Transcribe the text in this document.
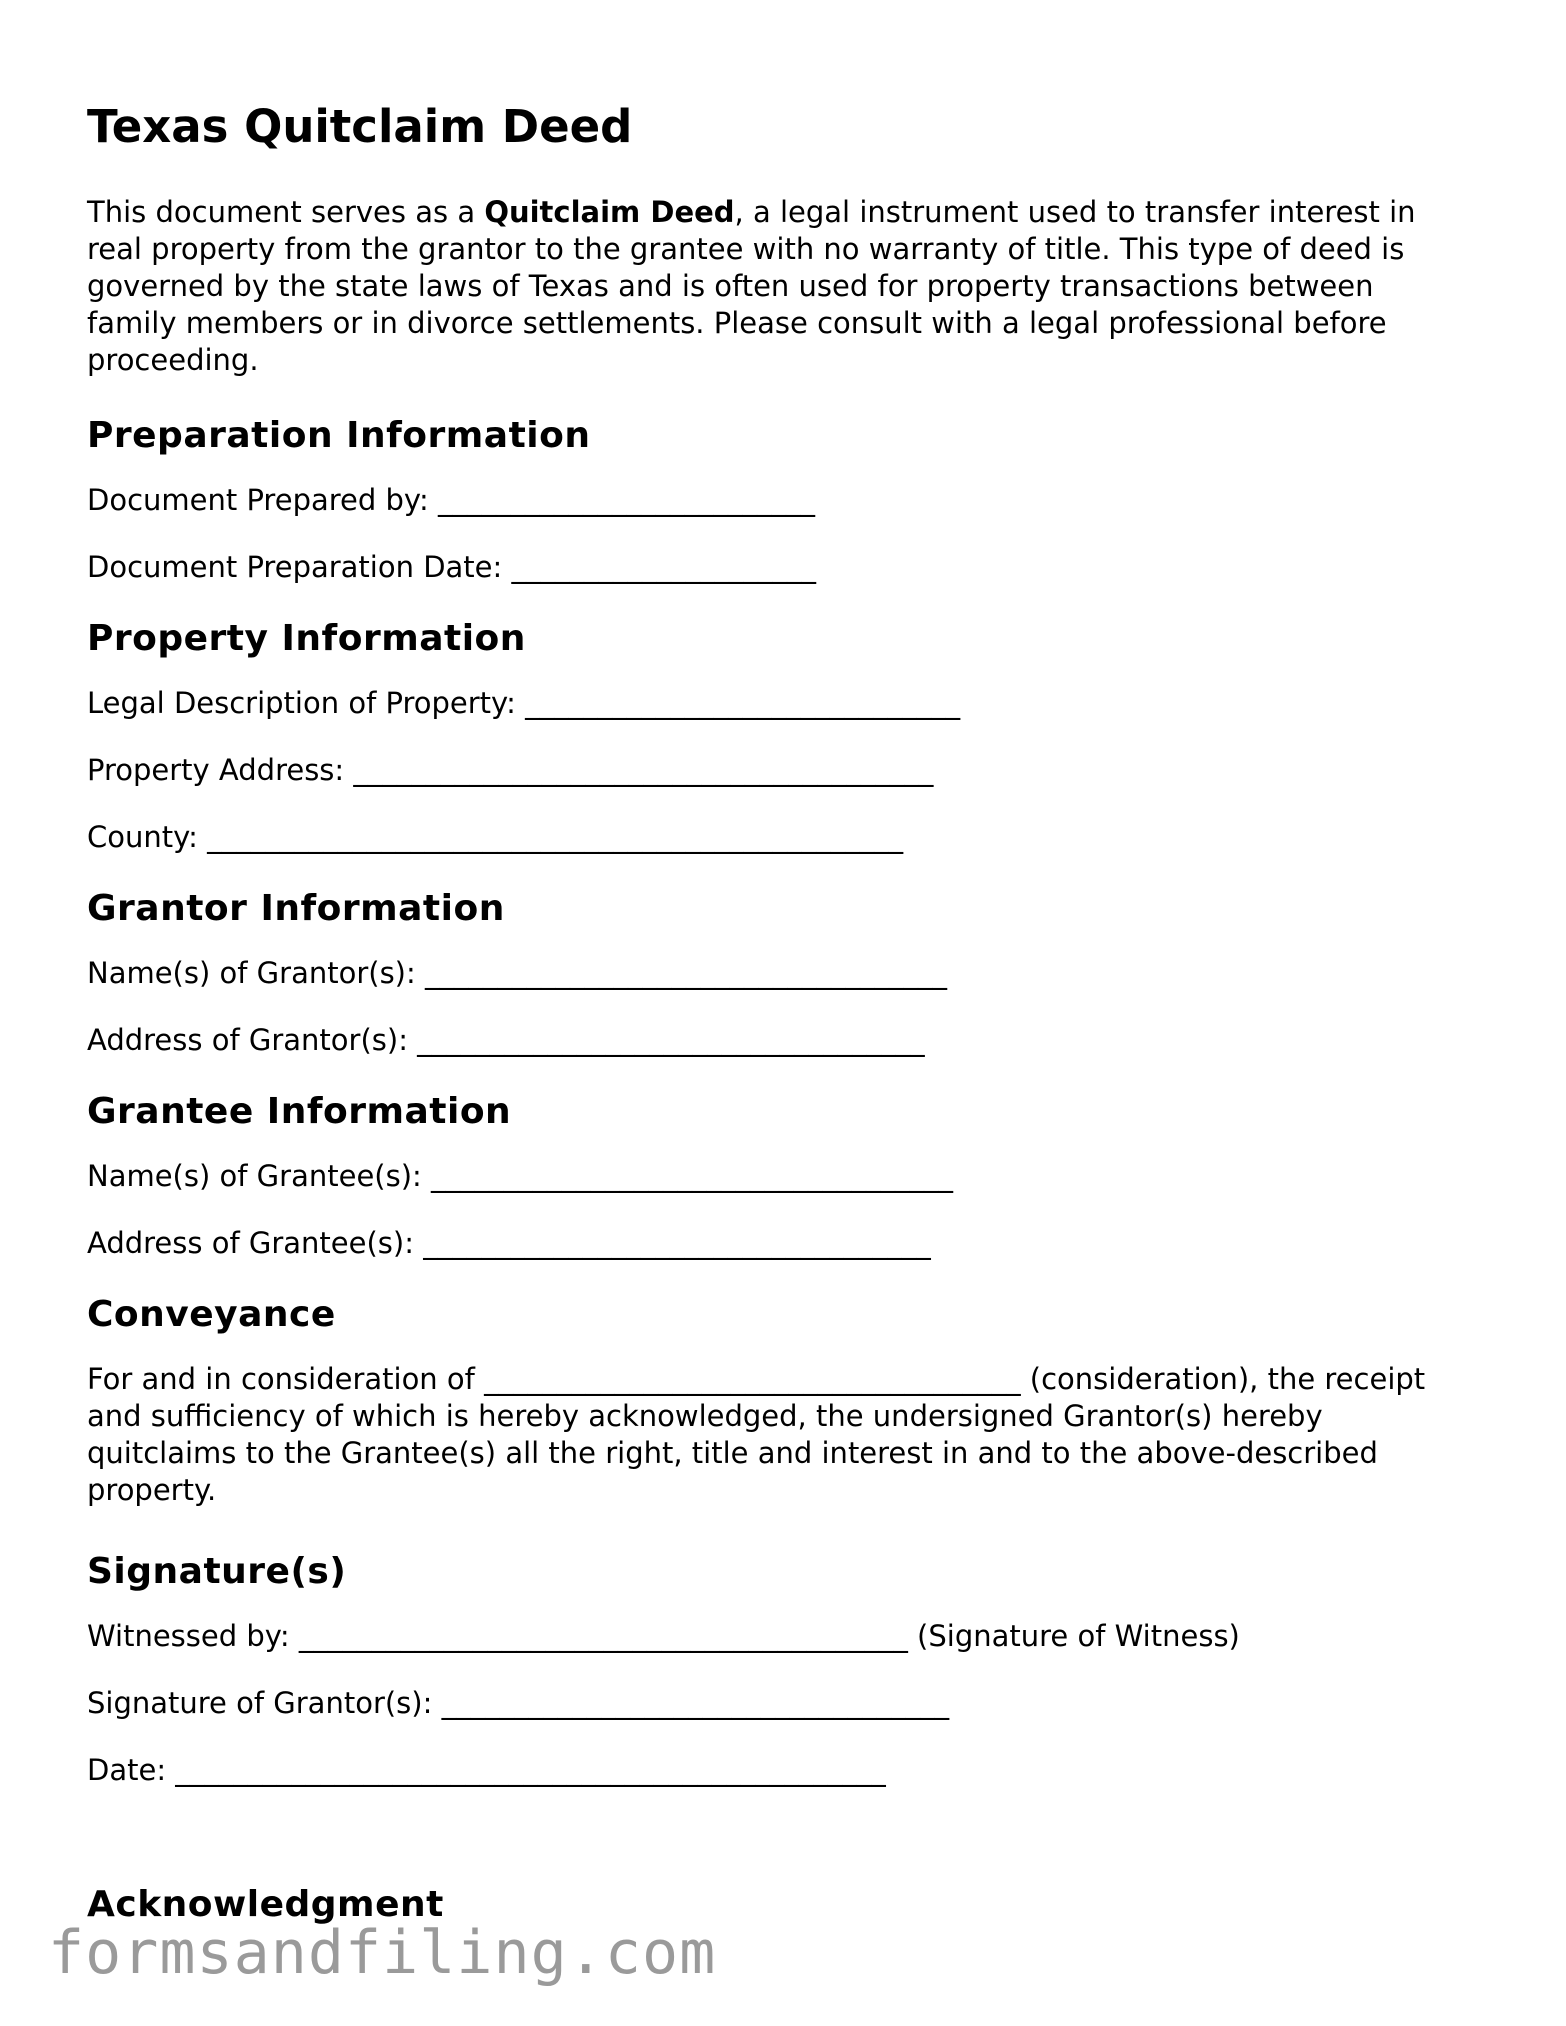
Texas Quitclaim Deed

This document serves as a Quitclaim Deed, a legal instrument used to transfer interest in real property from the grantor to the grantee with no warranty of title. This type of deed is governed by the state laws of Texas and is often used for property transactions between family members or in divorce settlements. Please consult with a legal professional before proceeding.

Preparation Information
Document Prepared by: __________________________
Document Preparation Date: _____________________
Property Information
Legal Description of Property: ______________________________
Property Address: ________________________________________
County: ________________________________________________
Grantor Information
Name(s) of Grantor(s): ____________________________________
Address of Grantor(s): ___________________________________
Grantee Information
Name(s) of Grantee(s): ____________________________________
Address of Grantee(s): ___________________________________
Conveyance

For and in consideration of _____________________________________ (consideration), the receipt and sufficiency of which is hereby acknowledged, the undersigned Grantor(s) hereby quitclaims to the Grantee(s) all the right, title and interest in and to the above-described property.

Signature(s)
Witnessed by: __________________________________________ (Signature of Witness)
Signature of Grantor(s): ___________________________________
Date: _________________________________________________
Acknowledgment
formsandfiling.com
